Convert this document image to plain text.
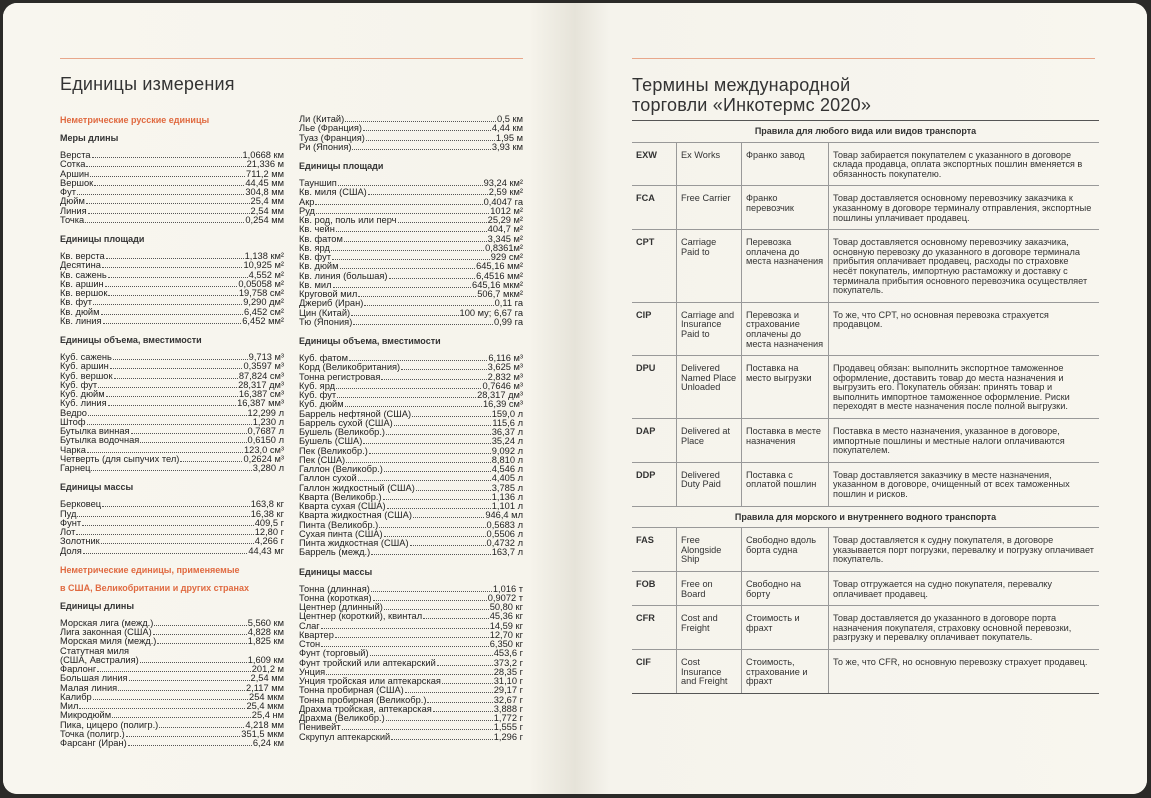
Единицы измерения
Неметрические русские единицы
Меры длины
Верста	1,0668 км
Сотка	21,336 м
Аршин	711,2 мм
Вершок	44,45 мм
Фут	304,8 мм
Дюйм	25,4 мм
Линия	2,54 мм
Точка	0,254 мм
Единицы площади
Кв. верста	1,138 км²
Десятина	10,925 м²
Кв. сажень	4,552 м²
Кв. аршин	0,05058 м²
Кв. вершок	19,758 см²
Кв. фут	9,290 дм²
Кв. дюйм	6,452 см²
Кв. линия	6,452 мм²
Единицы объема, вместимости
Куб. сажень	9,713 м³
Куб. аршин	0,3597 м³
Куб. вершок	87,824 см³
Куб. фут	28,317 дм³
Куб. дюйм	16,387 см³
Куб. линия	16,387 мм³
Ведро	12,299 л
Штоф	1,230 л
Бутылка винная	0,7687 л
Бутылка водочная	0,6150 л
Чарка	123,0 см³
Четверть (для сыпучих тел)	0,2624 м³
Гарнец	3,280 л
Единицы массы
Берковец	163,8 кг
Пуд	16,38 кг
Фунт	409,5 г
Лот	12,80 г
Золотник	4,266 г
Доля	44,43 мг
Неметрические единицы, применяемые
в США, Великобритании и других странах
Единицы длины
Морская лига (межд.)	5,560 км
Лига законная (США)	4,828 км
Морская миля (межд.)	1,825 км
Статутная миля
(США, Австралия)	1,609 км
Фарлонг	201,2 м
Большая линия	2,54 мм
Малая линия	2,117 мм
Калибр	254 мкм
Мил	25,4 мкм
Микродюйм	25,4 нм
Пика, цицеро (полигр.)	4,218 мм
Точка (полигр.)	351,5 мкм
Фарсанг (Иран)	6,24 км
Ли (Китай)	0,5 км
Лье (Франция)	4,44 км
Туаз (Франция)	1,95 м
Ри (Япония)	3,93 км
Единицы площади
Тауншип	93,24 км²
Кв. миля (США)	2,59 км²
Акр	0,4047 га
Руд	1012 м²
Кв. род, поль или перч	25,29 м²
Кв. чейн	404,7 м²
Кв. фатом	3,345 м²
Кв. ярд	0,8361м²
Кв. фут	929 см²
Кв. дюйм	645,16 мм²
Кв. линия (большая)	6,4516 мм²
Кв. мил	645,16 мкм²
Круговой мил	506,7 мкм²
Джериб (Иран)	0,11 га
Цин (Китай)	100 му; 6,67 га
Тю (Япония)	0,99 га
Единицы объема, вместимости
Куб. фатом	6,116 м³
Корд (Великобритания)	3,625 м³
Тонна регистровая	2,832 м³
Куб. ярд	0,7646 м³
Куб. фут	28,317 дм³
Куб. дюйм	16,39 см³
Баррель нефтяной (США)	159,0 л
Баррель сухой (США)	115,6 л
Бушель (Великобр.)	36,37 л
Бушель (США)	35,24 л
Пек (Великобр.)	9,092 л
Пек (США)	8,810 л
Галлон (Великобр.)	4,546 л
Галлон сухой	4,405 л
Галлон жидкостный (США)	3,785 л
Кварта (Великобр.)	1,136 л
Кварта сухая (США)	1,101 л
Кварта жидкостная (США)	946,4 мл
Пинта (Великобр.)	0,5683 л
Сухая пинта (США)	0,5506 л
Пинта жидкостная (США)	0,4732 л
Баррель (межд.)	163,7 л
Единицы массы
Тонна (длинная)	1,016 т
Тонна (короткая)	0,9072 т
Центнер (длинный)	50,80 кг
Центнер (короткий), квинтал	45,36 кг
Слаг	14,59 кг
Квартер	12,70 кг
Стон	6,350 кг
Фунт (торговый)	453,6 г
Фунт тройский или аптекарский	373,2 г
Унция	28,35 г
Унция тройская или аптекарская	31,10 г
Тонна пробирная (США)	29,17 г
Тонна пробирная (Великобр.)	32,67 г
Драхма тройская, аптекарская	3,888 г
Драхма (Великобр.)	1,772 г
Пенивейт	1,555 г
Скрупул аптекарский	1,296 г
Термины международной
торговли «Инкотермс 2020»
Правила для любого вида или видов транспорта			
EXW	Ex Works	Франко завод	Товар забирается покупателем с указанного в договоре склада продавца, оплата экспортных пошлин вменяется в обязанность покупателю.
FCA	Free Carrier	Франко перевозчик	Товар доставляется основному перевозчику заказчика к указанному в договоре терминалу отправления, экспортные пошлины уплачивает продавец.
CPT	Carriage Paid to	Перевозка оплачена до места назначения	Товар доставляется основному перевозчику заказчика, основную перевозку до указанного в договоре терминала прибытия оплачивает продавец, расходы по страховке несёт покупатель, импортную растаможку и доставку с терминала прибытия основного перевозчика осуществляет покупатель.
CIP	Carriage and Insurance Paid to	Перевозка и страхование оплачены до места назначения	То же, что CPT, но основная перевозка страхуется продавцом.
DPU	Delivered Named Place Unloaded	Поставка на место выгрузки	Продавец обязан: выполнить экспортное таможенное оформление, доставить товар до места назначения и выгрузить его. Покупатель обязан: принять товар и выполнить импортное таможенное оформление. Риски переходят в месте назначения после полной выгрузки.
DAP	Delivered at Place	Поставка в месте назначения	Поставка в место назначения, указанное в договоре, импортные пошлины и местные налоги оплачиваются покупателем.
DDP	Delivered Duty Paid	Поставка с оплатой пошлин	Товар доставляется заказчику в месте назначения, указанном в договоре, очищенный от всех таможенных пошлин и рисков.
Правила для морского и внутреннего водного транспорта			
FAS	Free Alongside Ship	Свободно вдоль борта судна	Товар доставляется к судну покупателя, в договоре указывается порт погрузки, перевалку и погрузку оплачивает покупатель.
FOB	Free on Board	Свободно на борту	Товар отгружается на судно покупателя, перевалку оплачивает продавец.
CFR	Cost and Freight	Стоимость и фрахт	Товар доставляется до указанного в договоре порта назначения покупателя, страховку основной перевозки, разгрузку и перевалку оплачивает покупатель.
CIF	Cost Insurance and Freight	Стоимость, страхование и фрахт	То же, что CFR, но основную перевозку страхует продавец.
